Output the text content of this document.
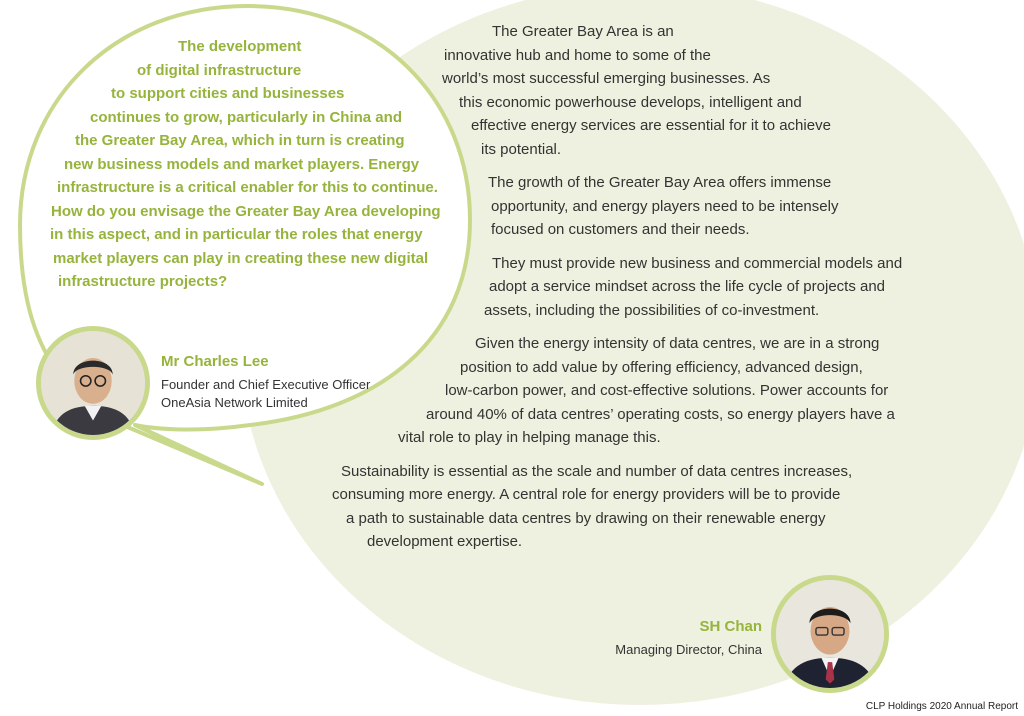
The development
of digital infrastructure
to support cities and businesses
continues to grow, particularly in China and
the Greater Bay Area, which in turn is creating
new business models and market players. Energy
infrastructure is a critical enabler for this to continue.
How do you envisage the Greater Bay Area developing
in this aspect, and in particular the roles that energy
market players can play in creating these new digital
infrastructure projects?
Mr Charles Lee
Founder and Chief Executive Officer
OneAsia Network Limited
The Greater Bay Area is an
innovative hub and home to some of the
world’s most successful emerging businesses. As
this economic powerhouse develops, intelligent and
effective energy services are essential for it to achieve
its potential.
The growth of the Greater Bay Area offers immense
opportunity, and energy players need to be intensely
focused on customers and their needs.
They must provide new business and commercial models and
adopt a service mindset across the life cycle of projects and
assets, including the possibilities of co-investment.
Given the energy intensity of data centres, we are in a strong
position to add value by offering efficiency, advanced design,
low-carbon power, and cost-effective solutions. Power accounts for
around 40% of data centres’ operating costs, so energy players have a
vital role to play in helping manage this.
Sustainability is essential as the scale and number of data centres increases,
consuming more energy. A central role for energy providers will be to provide
a path to sustainable data centres by drawing on their renewable energy
development expertise.
SH Chan
Managing Director, China
CLP Holdings 2020 Annual Report
